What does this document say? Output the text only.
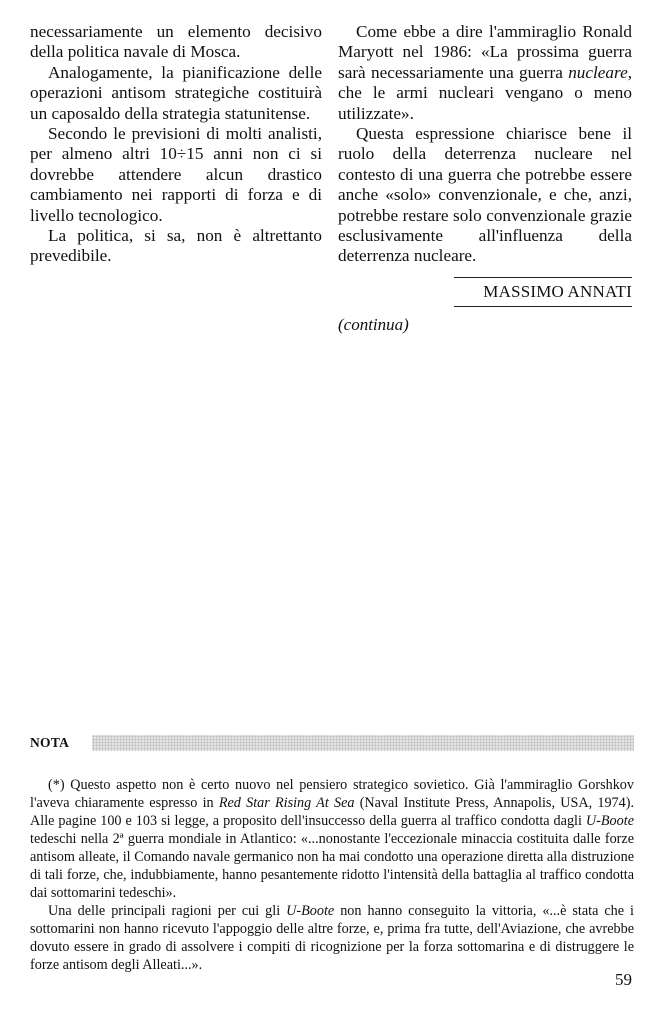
necessariamente un elemento decisivo della politica navale di Mosca.

Analogamente, la pianificazione delle operazioni antisom strategiche costituirà un caposaldo della strategia statunitense.

Secondo le previsioni di molti analisti, per almeno altri 10÷15 anni non ci si dovrebbe attendere alcun drastico cambiamento nei rapporti di forza e di livello tecnologico.

La politica, si sa, non è altrettanto prevedibile.

Come ebbe a dire l'ammiraglio Ronald Maryott nel 1986: «La prossima guerra sarà necessariamente una guerra nucleare, che le armi nucleari vengano o meno utilizzate».

Questa espressione chiarisce bene il ruolo della deterrenza nucleare nel contesto di una guerra che potrebbe essere anche «solo» convenzionale, e che, anzi, potrebbe restare solo convenzionale grazie esclusivamente all'influenza della deterrenza nucleare.

MASSIMO ANNATI
(continua)
NOTA

(*) Questo aspetto non è certo nuovo nel pensiero strategico sovietico. Già l'ammiraglio Gorshkov l'aveva chiaramente espresso in Red Star Rising At Sea (Naval Institute Press, Annapolis, USA, 1974). Alle pagine 100 e 103 si legge, a proposito dell'insuccesso della guerra al traffico condotta dagli U-Boote tedeschi nella 2ª guerra mondiale in Atlantico: «...nonostante l'eccezionale minaccia costituita dalle forze antisom alleate, il Comando navale germanico non ha mai condotto una operazione diretta alla distruzione di tali forze, che, indubbiamente, hanno pesantemente ridotto l'intensità della battaglia al traffico condotta dai sottomarini tedeschi».

Una delle principali ragioni per cui gli U-Boote non hanno conseguito la vittoria, «...è stata che i sottomarini non hanno ricevuto l'appoggio delle altre forze, e, prima fra tutte, dell'Aviazione, che avrebbe dovuto essere in grado di assolvere i compiti di ricognizione per la forza sottomarina e di distruggere le forze antisom degli Alleati...».

59
